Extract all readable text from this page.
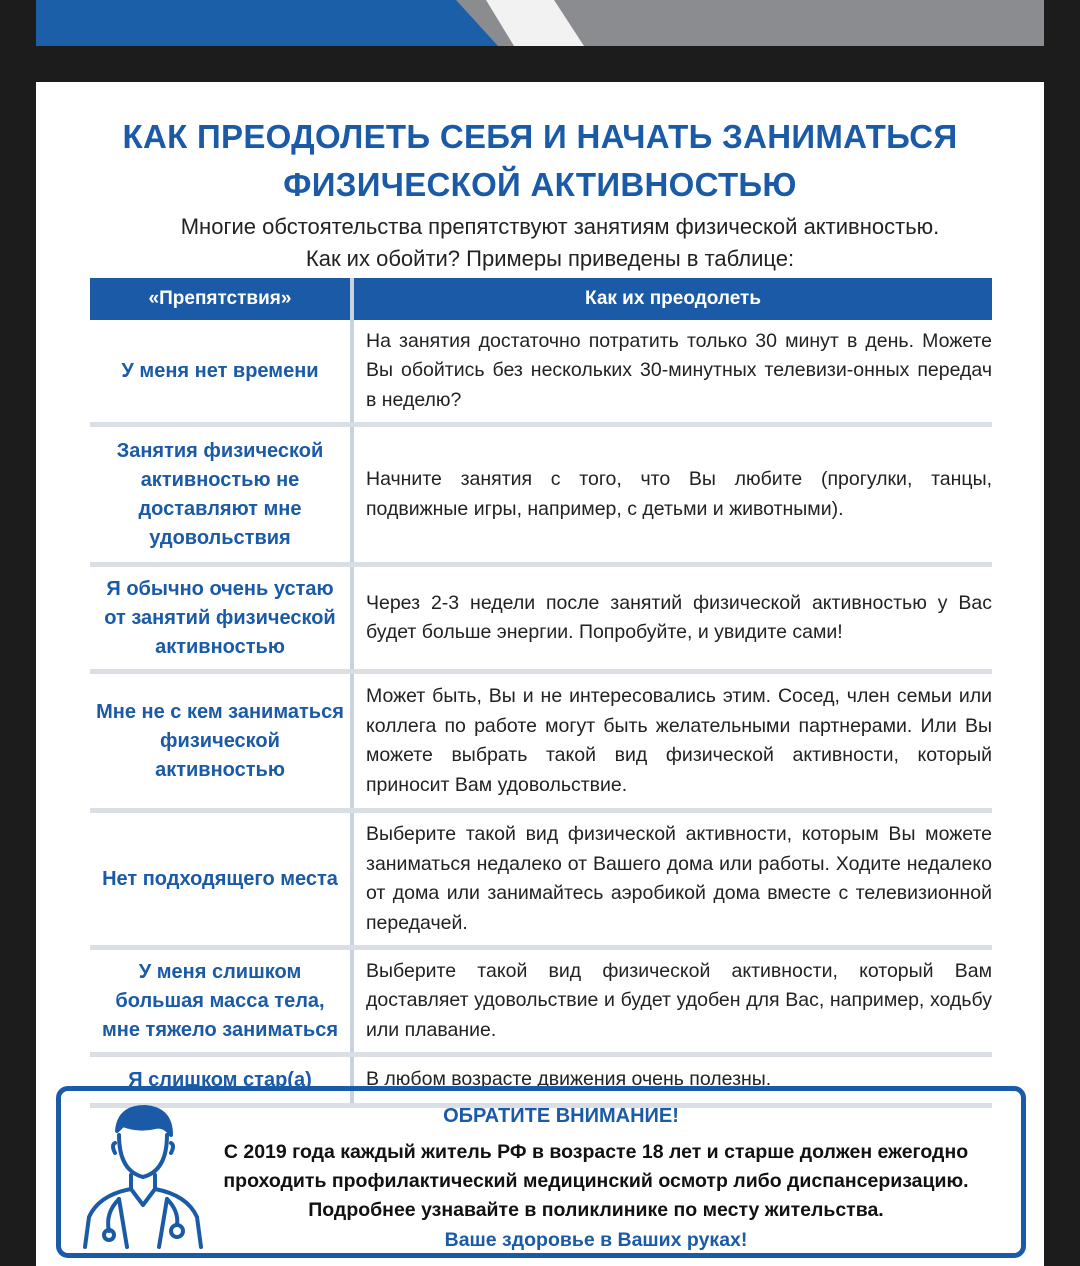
КАК ПРЕОДОЛЕТЬ СЕБЯ И НАЧАТЬ ЗАНИМАТЬСЯ
ФИЗИЧЕСКОЙ АКТИВНОСТЬЮ
Многие обстоятельства препятствуют занятиям физической активностью.
Как их обойти? Примеры приведены в таблице:
«Препятствия»	Как их преодолеть
У меня нет времени
На занятия достаточно потратить только 30 минут в день. Можете Вы обойтись без нескольких 30-минутных телевизи-онных передач в неделю?
Занятия физической активностью не доставляют мне удовольствия
Начните занятия с того, что Вы любите (прогулки, танцы, подвижные игры, например, с детьми и животными).
Я обычно очень устаю от занятий физической активностью
Через 2-3 недели после занятий физической активностью у Вас будет больше энергии. Попробуйте, и увидите сами!
Мне не с кем заниматься физической активностью
Может быть, Вы и не интересовались этим. Сосед, член семьи или коллега по работе могут быть желательными партнерами. Или Вы можете выбрать такой вид физической активности, который приносит Вам удовольствие.
Нет подходящего места
Выберите такой вид физической активности, которым Вы можете заниматься недалеко от Вашего дома или работы. Ходите недалеко от дома или занимайтесь аэробикой дома вместе с телевизионной передачей.
У меня слишком большая масса тела, мне тяжело заниматься
Выберите такой вид физической активности, который Вам доставляет удовольствие и будет удобен для Вас, например, ходьбу или плавание.
Я слишком стар(а)	В любом возрасте движения очень полезны.
ОБРАТИТЕ ВНИМАНИЕ!
С 2019 года каждый житель РФ в возрасте 18 лет и старше должен ежегодно
проходить профилактический медицинский осмотр либо диспансеризацию.
Подробнее узнавайте в поликлинике по месту жительства.
Ваше здоровье в Ваших руках!
